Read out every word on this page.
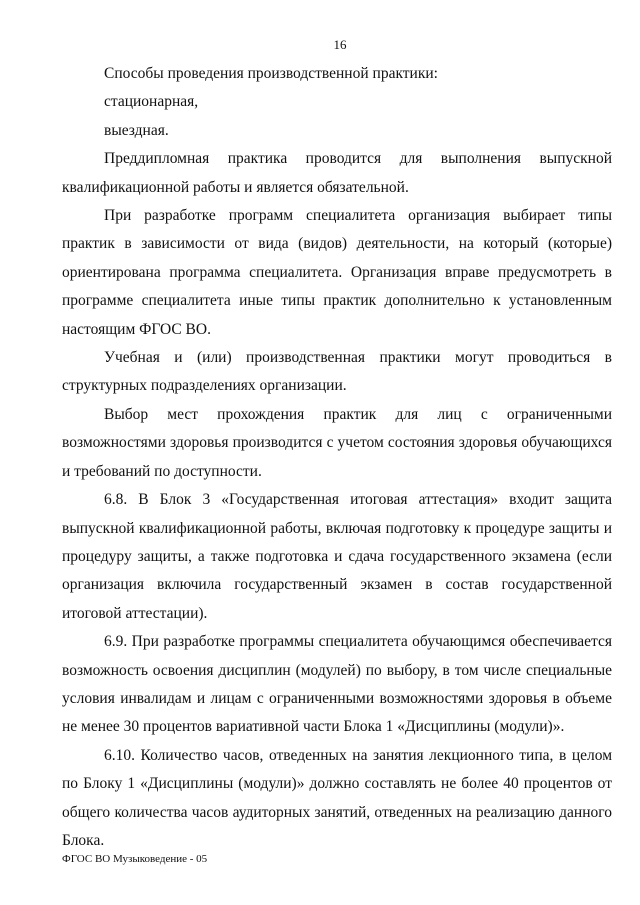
16

Способы проведения производственной практики:

стационарная,

выездная.

Преддипломная практика проводится для выполнения выпускной квалификационной работы и является обязательной.

При разработке программ специалитета организация выбирает типы практик в зависимости от вида (видов) деятельности, на который (которые) ориентирована программа специалитета. Организация вправе предусмотреть в программе специалитета иные типы практик дополнительно к установленным настоящим ФГОС ВО.

Учебная и (или) производственная практики могут проводиться в структурных подразделениях организации.

Выбор мест прохождения практик для лиц с ограниченными возможностями здоровья производится с учетом состояния здоровья обучающихся и требований по доступности.

6.8. В Блок 3 «Государственная итоговая аттестация» входит защита выпускной квалификационной работы, включая подготовку к процедуре защиты и процедуру защиты, а также подготовка и сдача государственного экзамена (если организация включила государственный экзамен в состав государственной итоговой аттестации).

6.9. При разработке программы специалитета обучающимся обеспечивается возможность освоения дисциплин (модулей) по выбору, в том числе специальные условия инвалидам и лицам с ограниченными возможностями здоровья в объеме не менее 30 процентов вариативной части Блока 1 «Дисциплины (модули)».

6.10. Количество часов, отведенных на занятия лекционного типа, в целом по Блоку 1 «Дисциплины (модули)» должно составлять не более 40 процентов от общего количества часов аудиторных занятий, отведенных на реализацию данного Блока.

ФГОС ВО Музыковедение - 05
